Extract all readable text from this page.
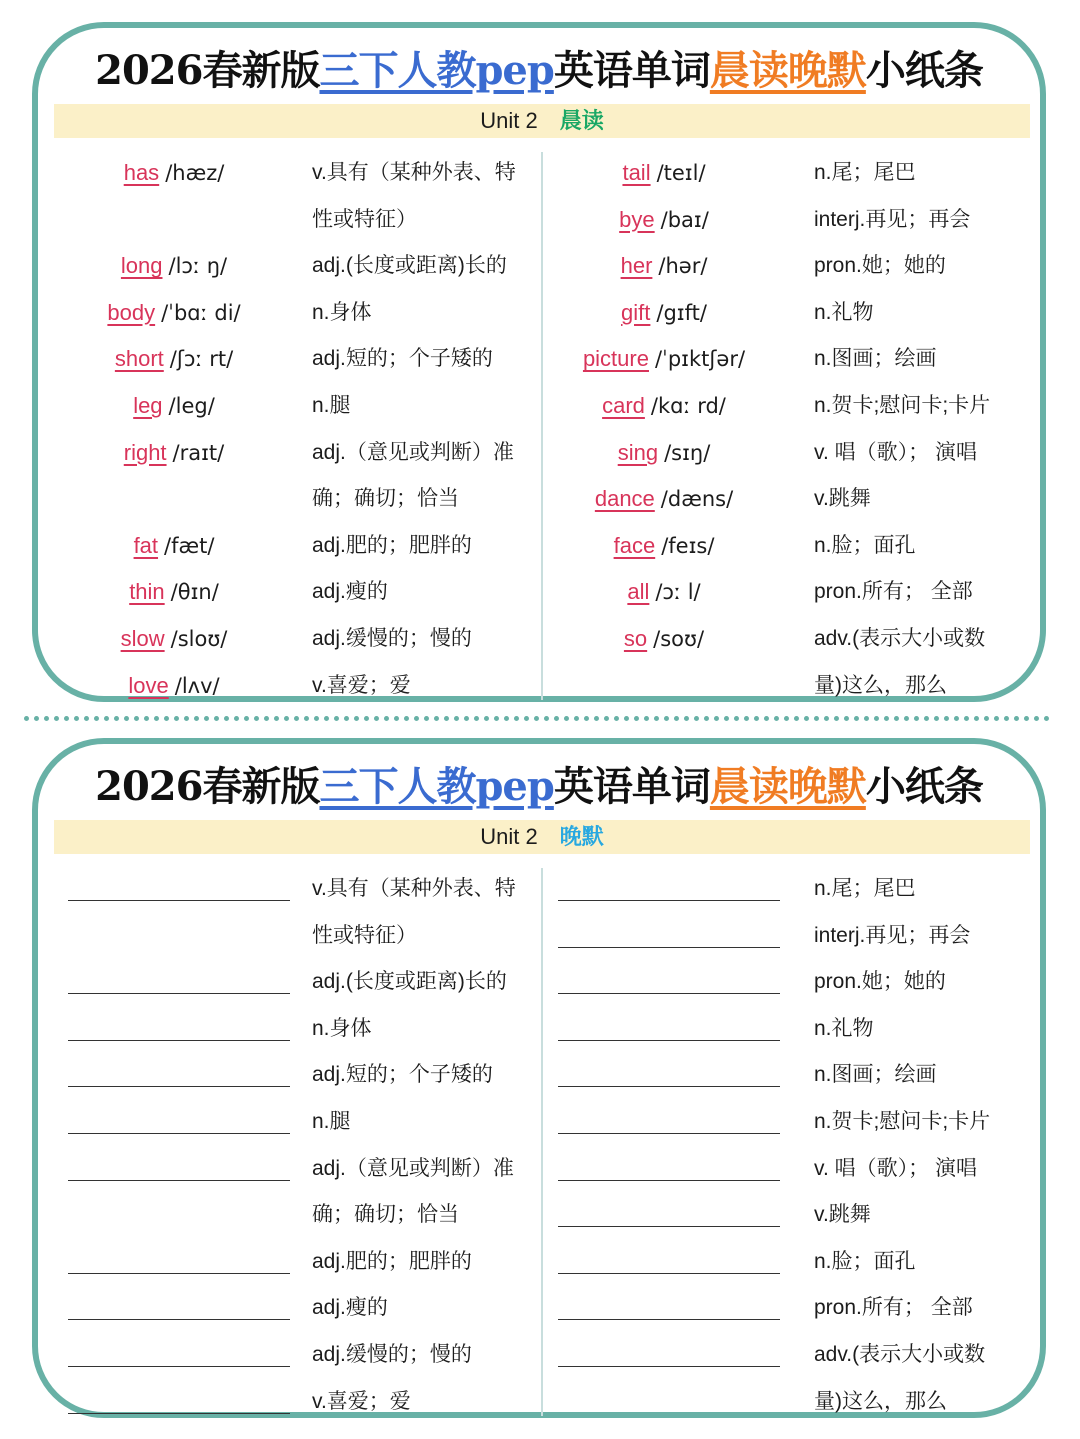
2026春新版三下人教pep英语单词晨读晚默小纸条
Unit 2 晨读
has /hæz/	v.具有（某种外表、特
性或特征）
long /lɔː ŋ/	adj.(长度或距离)长的
body /ˈbɑː di/	n.身体
short /ʃɔː rt/	adj.短的；个子矮的
leg /leg/	n.腿
right /raɪt/	adj.（意见或判断）准
确；确切；恰当
fat /fæt/	adj.肥的；肥胖的
thin /θɪn/	adj.瘦的
slow /sloʊ/	adj.缓慢的；慢的
love /lʌv/	v.喜爱；爱
tail /teɪl/	n.尾；尾巴
bye /baɪ/	interj.再见；再会
her /hər/	pron.她；她的
gift /gɪft/	n.礼物
picture /ˈpɪktʃər/	n.图画；绘画
card /kɑː rd/	n.贺卡;慰问卡;卡片
sing /sɪŋ/	v. 唱（歌）； 演唱
dance /dæns/	v.跳舞
face /feɪs/	n.脸；面孔
all /ɔː l/	pron.所有； 全部
so /soʊ/	adv.(表示大小或数
量)这么，那么
2026春新版三下人教pep英语单词晨读晚默小纸条
Unit 2 晚默
v.具有（某种外表、特
性或特征）
adj.(长度或距离)长的
n.身体
adj.短的；个子矮的
n.腿
adj.（意见或判断）准
确；确切；恰当
adj.肥的；肥胖的
adj.瘦的
adj.缓慢的；慢的
v.喜爱；爱
n.尾；尾巴
interj.再见；再会
pron.她；她的
n.礼物
n.图画；绘画
n.贺卡;慰问卡;卡片
v. 唱（歌）； 演唱
v.跳舞
n.脸；面孔
pron.所有； 全部
adv.(表示大小或数
量)这么，那么
